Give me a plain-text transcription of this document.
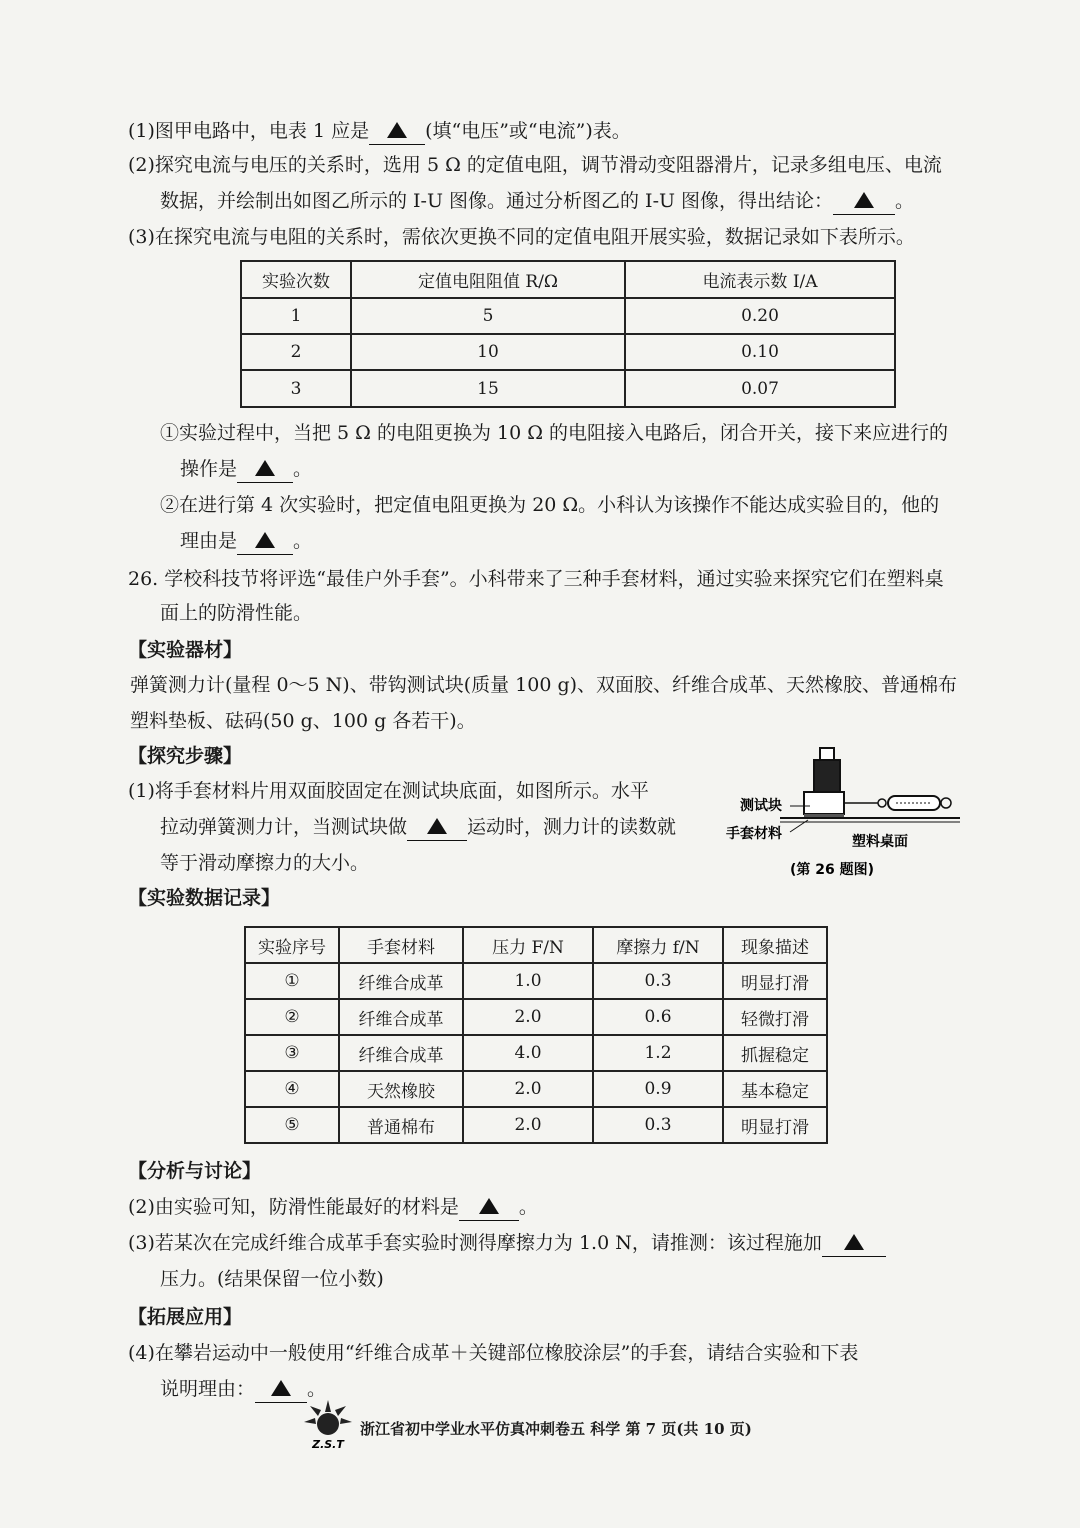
(1)图甲电路中，电表 1 应是	(填“电压”或“电流”)表。
(2)探究电流与电压的关系时，选用 5 Ω 的定值电阻，调节滑动变阻器滑片，记录多组电压、电流
数据，并绘制出如图乙所示的 I-U 图像。通过分析图乙的 I-U 图像，得出结论：	。
(3)在探究电流与电阻的关系时，需依次更换不同的定值电阻开展实验，数据记录如下表所示。
实验次数	定值电阻阻值 R/Ω	电流表示数 I/A
1	5	0.20
2	10	0.10
3	15	0.07
①实验过程中，当把 5 Ω 的电阻更换为 10 Ω 的电阻接入电路后，闭合开关，接下来应进行的
操作是	。
②在进行第 4 次实验时，把定值电阻更换为 20 Ω。小科认为该操作不能达成实验目的，他的
理由是	。
26. 学校科技节将评选“最佳户外手套”。小科带来了三种手套材料，通过实验来探究它们在塑料桌
面上的防滑性能。
【实验器材】
弹簧测力计(量程 0～5 N)、带钩测试块(质量 100 g)、双面胶、纤维合成革、天然橡胶、普通棉布
塑料垫板、砝码(50 g、100 g 各若干)。
【探究步骤】
(1)将手套材料片用双面胶固定在测试块底面，如图所示。水平
拉动弹簧测力计，当测试块做	运动时，测力计的读数就
等于滑动摩擦力的大小。
测试块
手套材料	塑料桌面
(第 26 题图)
【实验数据记录】
实验序号	手套材料	压力 F/N	摩擦力 f/N	现象描述
①	纤维合成革	1.0	0.3	明显打滑
②	纤维合成革	2.0	0.6	轻微打滑
③	纤维合成革	4.0	1.2	抓握稳定
④	天然橡胶	2.0	0.9	基本稳定
⑤	普通棉布	2.0	0.3	明显打滑
【分析与讨论】
(2)由实验可知，防滑性能最好的材料是	。
(3)若某次在完成纤维合成革手套实验时测得摩擦力为 1.0 N，请推测：该过程施加
压力。(结果保留一位小数)
【拓展应用】
(4)在攀岩运动中一般使用“纤维合成革＋关键部位橡胶涂层”的手套，请结合实验和下表
说明理由：	。
Z.S.T
浙江省初中学业水平仿真冲刺卷五 科学 第 7 页(共 10 页)
